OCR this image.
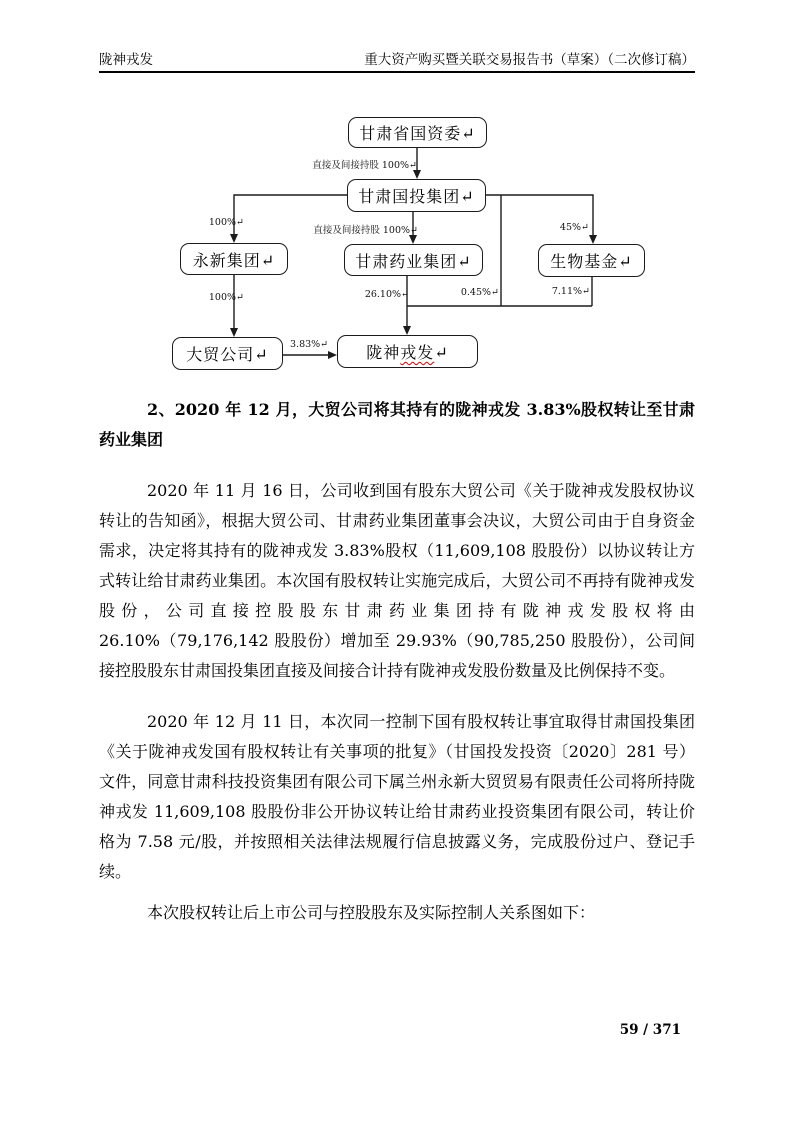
陇神戎发	重大资产购买暨关联交易报告书（草案）（二次修订稿）
甘肃省国资委↵
甘肃国投集团↵
永新集团↵	甘肃药业集团↵	生物基金↵
大贸公司↵	陇神戎发↵
直接及间接持股 100%↵
100%↵
直接及间接持股 100%↵	45%↵
0.45%↵
26.10%↵	7.11%↵
100%↵
3.83%↵
2、2020 年 12 月，大贸公司将其持有的陇神戎发 3.83%股权转让至甘肃药业集团
2020 年 11 月 16 日，公司收到国有股东大贸公司《关于陇神戎发股权协议转让的告知函》，根据大贸公司、甘肃药业集团董事会决议，大贸公司由于自身资金需求，决定将其持有的陇神戎发 3.83%股权（11,609,108 股股份）以协议转让方式转让给甘肃药业集团。本次国有股权转让实施完成后，大贸公司不再持有陇神戎发股份，公司直接控股股东甘肃药业集团持有陇神戎发股权将由 26.10%（79,176,142 股股份）增加至 29.93%（90,785,250 股股份），公司间接控股股东甘肃国投集团直接及间接合计持有陇神戎发股份数量及比例保持不变。
2020 年 12 月 11 日，本次同一控制下国有股权转让事宜取得甘肃国投集团《关于陇神戎发国有股权转让有关事项的批复》（甘国投发投资〔2020〕281 号）文件，同意甘肃科技投资集团有限公司下属兰州永新大贸贸易有限责任公司将所持陇神戎发 11,609,108 股股份非公开协议转让给甘肃药业投资集团有限公司，转让价格为 7.58 元/股，并按照相关法律法规履行信息披露义务，完成股份过户、登记手续。
本次股权转让后上市公司与控股股东及实际控制人关系图如下：
59 / 371
